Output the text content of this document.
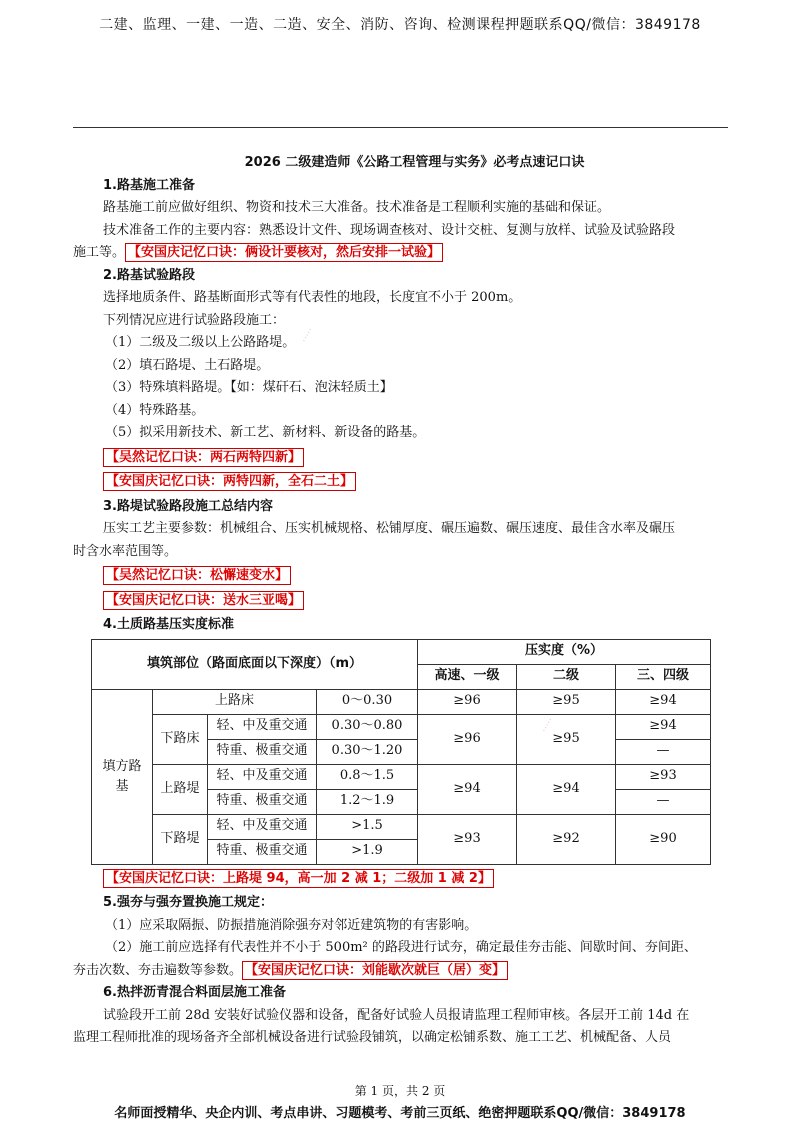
二建、监理、一建、一造、二造、安全、消防、咨询、检测课程押题联系QQ/微信：3849178
·····
·····
2026 二级建造师《公路工程管理与实务》必考点速记口诀
1.路基施工准备
路基施工前应做好组织、物资和技术三大准备。技术准备是工程顺利实施的基础和保证。
技术准备工作的主要内容：熟悉设计文件、现场调查核对、设计交桩、复测与放样、试验及试验路段
施工等。 【安国庆记忆口诀：俩设计要核对，然后安排一试验】
2.路基试验路段
选择地质条件、路基断面形式等有代表性的地段，长度宜不小于 200m。
下列情况应进行试验路段施工：
（1）二级及二级以上公路路堤。
（2）填石路堤、土石路堤。
（3）特殊填料路堤。【如：煤矸石、泡沫轻质土】
（4）特殊路基。
（5）拟采用新技术、新工艺、新材料、新设备的路基。
【吴然记忆口诀：两石两特四新】
【安国庆记忆口诀：两特四新，全石二土】
3.路堤试验路段施工总结内容
压实工艺主要参数：机械组合、压实机械规格、松铺厚度、碾压遍数、碾压速度、最佳含水率及碾压
时含水率范围等。
【吴然记忆口诀：松懈速变水】
【安国庆记忆口诀：送水三亚喝】
4.土质路基压实度标准
填筑部位（路面底面以下深度）（m）				压实度（%）		
				高速、一级	二级	三、四级
填方路基	上路床		0～0.30	≥96	≥95	≥94
	下路床	轻、中及重交通	0.30～0.80	≥96	≥95	≥94
		特重、极重交通	0.30～1.20			—
	上路堤	轻、中及重交通	0.8～1.5	≥94	≥94	≥93
		特重、极重交通	1.2～1.9			—
	下路堤	轻、中及重交通	>1.5	≥93	≥92	≥90
		特重、极重交通	>1.9			
【安国庆记忆口诀：上路堤 94，高一加 2 减 1；二级加 1 减 2】
5.强夯与强夯置换施工规定：
（1）应采取隔振、防振措施消除强夯对邻近建筑物的有害影响。
（2）施工前应选择有代表性并不小于 500m² 的路段进行试夯，确定最佳夯击能、间歇时间、夯间距、
夯击次数、夯击遍数等参数。 【安国庆记忆口诀：刘能歇次就巨（居）变】
6.热拌沥青混合料面层施工准备
试验段开工前 28d 安装好试验仪器和设备，配备好试验人员报请监理工程师审核。各层开工前 14d 在
监理工程师批准的现场备齐全部机械设备进行试验段铺筑，以确定松铺系数、施工工艺、机械配备、人员
第 1 页，共 2 页
名师面授精华、央企内训、考点串讲、习题模考、考前三页纸、绝密押题联系QQ/微信：3849178
